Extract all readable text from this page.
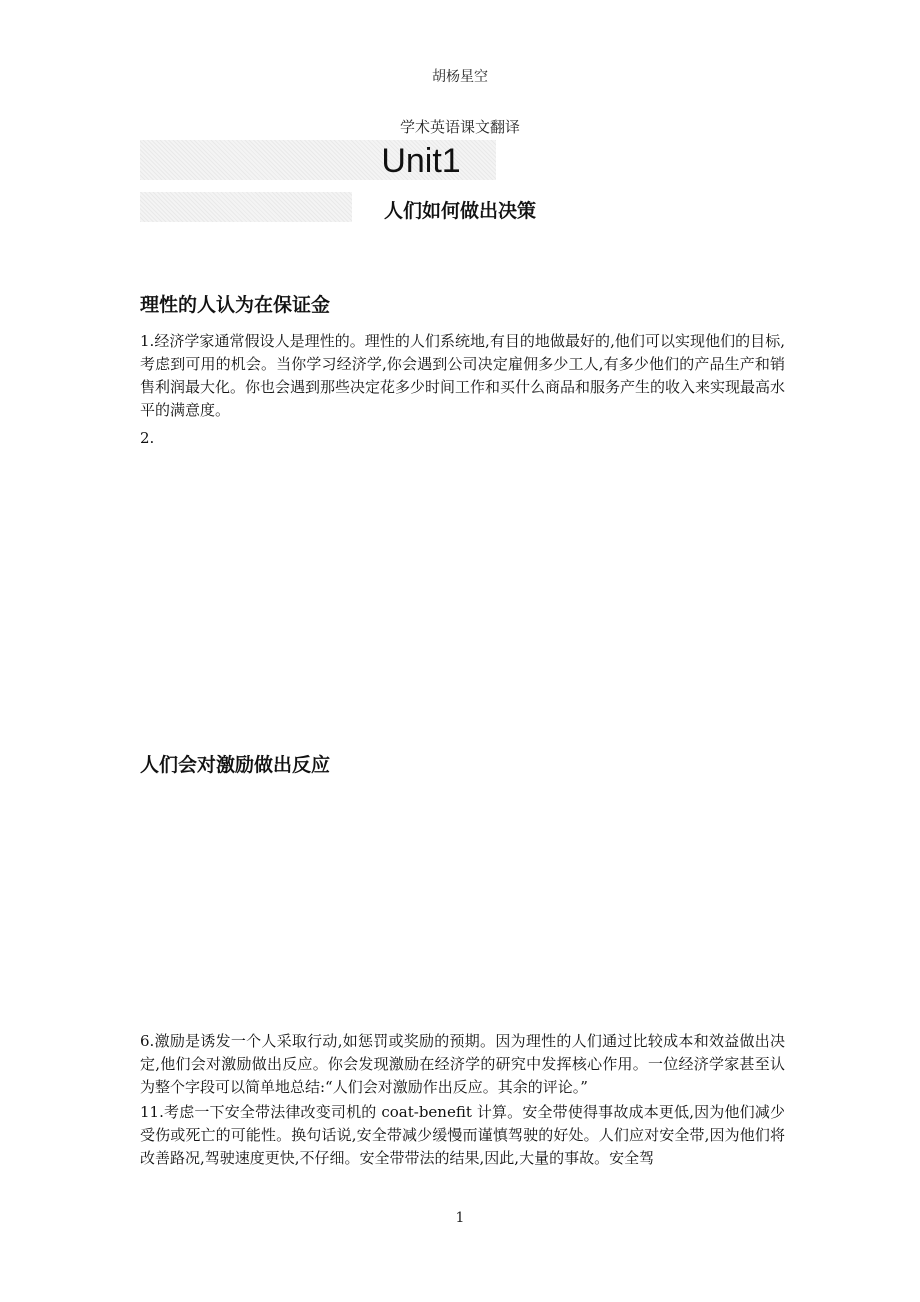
胡杨星空
学术英语课文翻译
Unit1
人们如何做出决策
理性的人认为在保证金

1.经济学家通常假设人是理性的。理性的人们系统地,有目的地做最好的,他们可以实现他们的目标,考虑到可用的机会。当你学习经济学,你会遇到公司决定雇佣多少工人,有多少他们的产品生产和销售利润最大化。你也会遇到那些决定花多少时间工作和买什么商品和服务产生的收入来实现最高水平的满意度。

2.

人们会对激励做出反应

6.激励是诱发一个人采取行动,如惩罚或奖励的预期。因为理性的人们通过比较成本和效益做出决定,他们会对激励做出反应。你会发现激励在经济学的研究中发挥核心作用。一位经济学家甚至认为整个字段可以简单地总结:“人们会对激励作出反应。其余的评论。”

11.考虑一下安全带法律改变司机的 coat-benefit 计算。安全带使得事故成本更低,因为他们减少受伤或死亡的可能性。换句话说,安全带减少缓慢而谨慎驾驶的好处。人们应对安全带,因为他们将改善路况,驾驶速度更快,不仔细。安全带带法的结果,因此,大量的事故。安全驾

1
